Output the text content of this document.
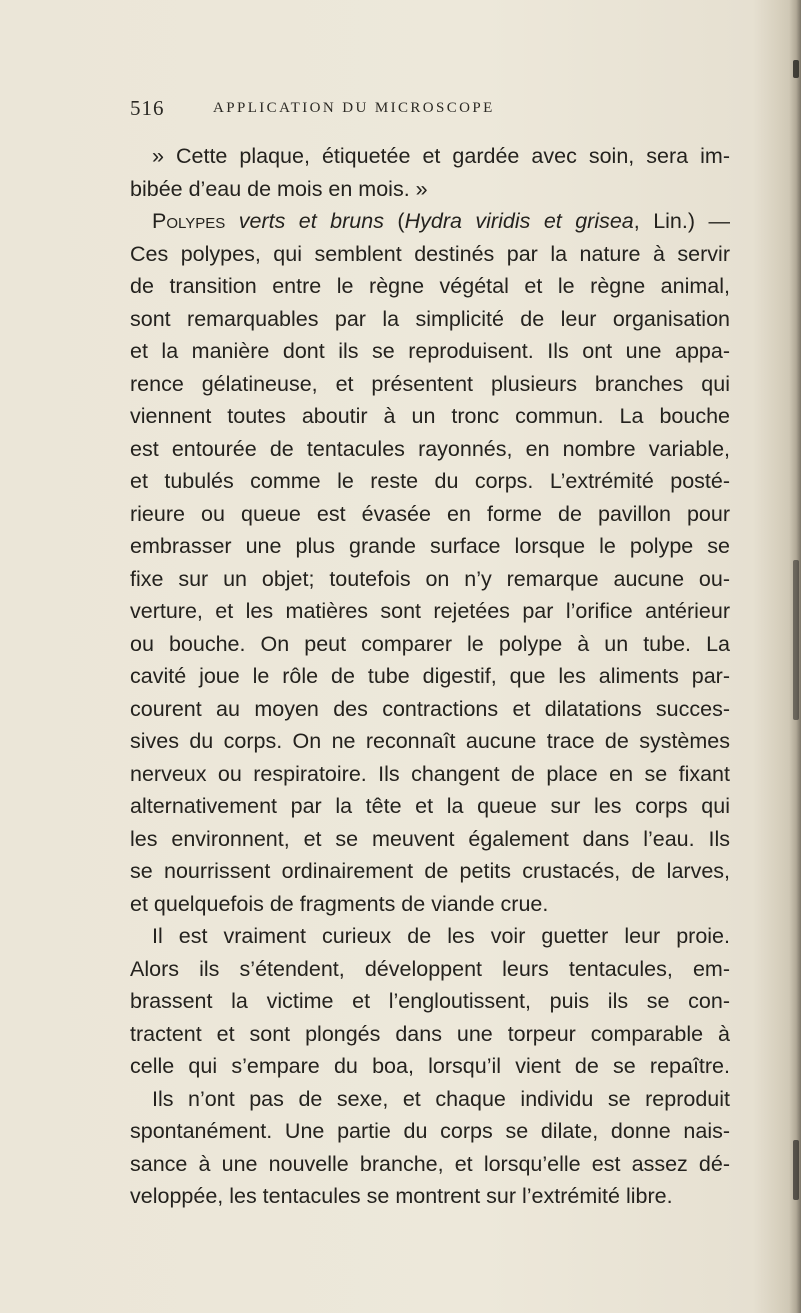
516	APPLICATION DU MICROSCOPE
» Cette plaque, étiquetée et gardée avec soin, sera im-
bibée d’eau de mois en mois. »
Polypes verts et bruns (Hydra viridis et grisea, Lin.) —
Ces polypes, qui semblent destinés par la nature à servir
de transition entre le règne végétal et le règne animal,
sont remarquables par la simplicité de leur organisation
et la manière dont ils se reproduisent. Ils ont une appa-
rence gélatineuse, et présentent plusieurs branches qui
viennent toutes aboutir à un tronc commun. La bouche
est entourée de tentacules rayonnés, en nombre variable,
et tubulés comme le reste du corps. L’extrémité posté-
rieure ou queue est évasée en forme de pavillon pour
embrasser une plus grande surface lorsque le polype se
fixe sur un objet; toutefois on n’y remarque aucune ou-
verture, et les matières sont rejetées par l’orifice antérieur
ou bouche. On peut comparer le polype à un tube. La
cavité joue le rôle de tube digestif, que les aliments par-
courent au moyen des contractions et dilatations succes-
sives du corps. On ne reconnaît aucune trace de systèmes
nerveux ou respiratoire. Ils changent de place en se fixant
alternativement par la tête et la queue sur les corps qui
les environnent, et se meuvent également dans l’eau. Ils
se nourrissent ordinairement de petits crustacés, de larves,
et quelquefois de fragments de viande crue.
Il est vraiment curieux de les voir guetter leur proie.
Alors ils s’étendent, développent leurs tentacules, em-
brassent la victime et l’engloutissent, puis ils se con-
tractent et sont plongés dans une torpeur comparable à
celle qui s’empare du boa, lorsqu’il vient de se repaître.
Ils n’ont pas de sexe, et chaque individu se reproduit
spontanément. Une partie du corps se dilate, donne nais-
sance à une nouvelle branche, et lorsqu’elle est assez dé-
veloppée, les tentacules se montrent sur l’extrémité libre.
